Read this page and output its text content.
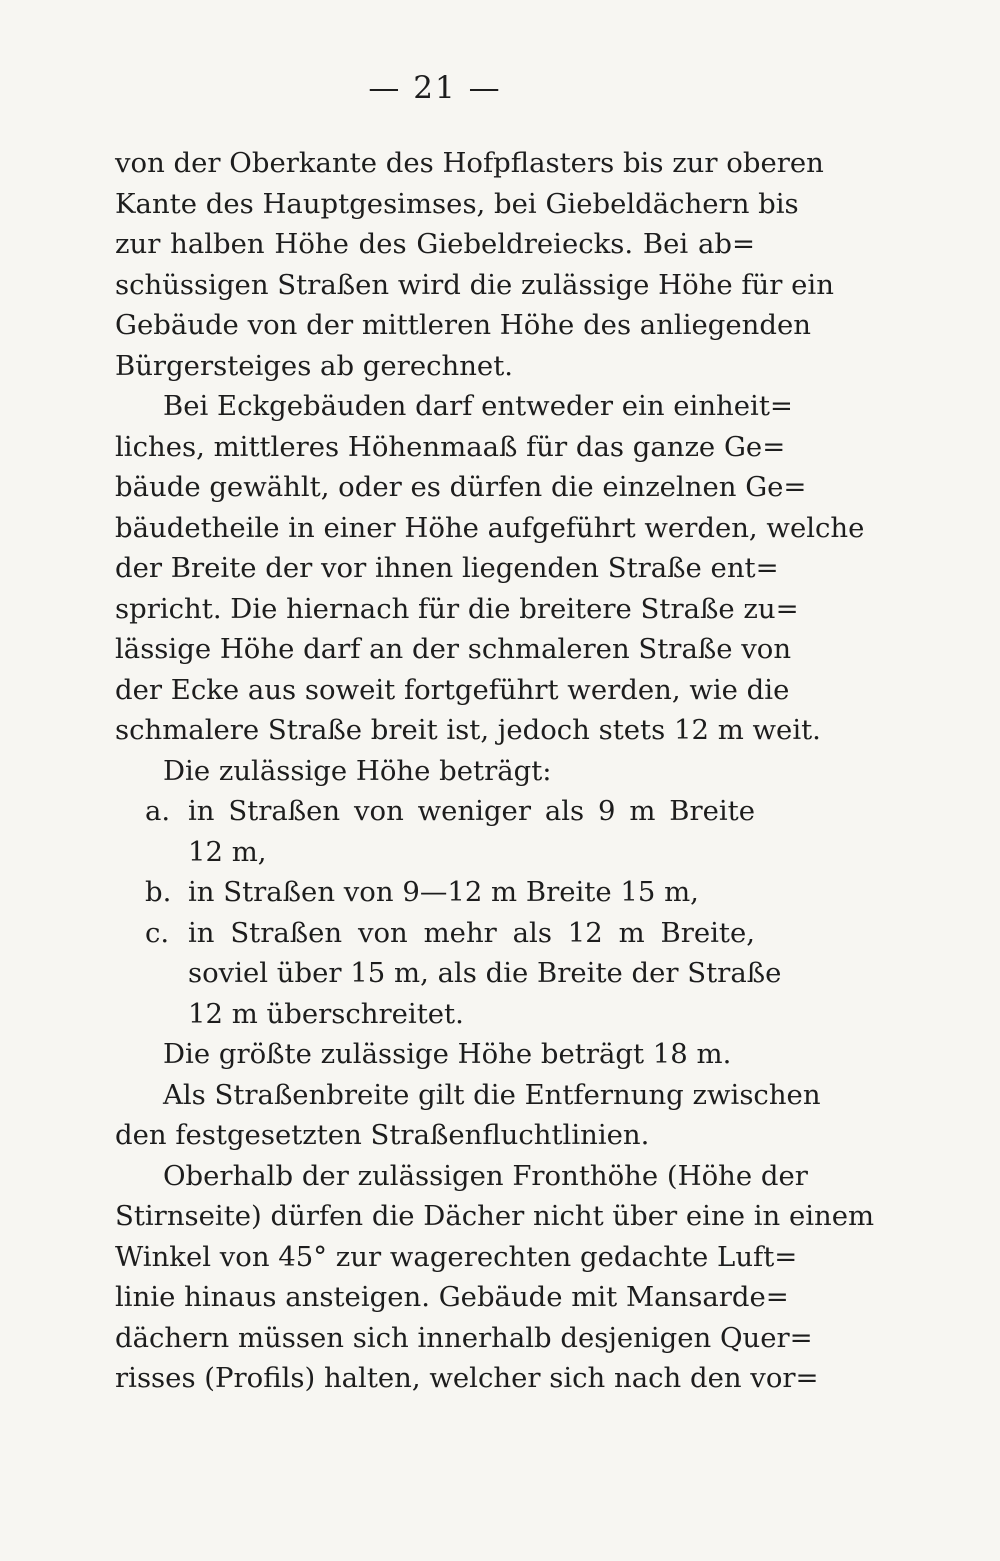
— 21 —
von der Oberkante des Hofpflasters bis zur oberen
Kante des Hauptgesimses, bei Giebeldächern bis
zur halben Höhe des Giebeldreiecks. Bei ab=
schüssigen Straßen wird die zulässige Höhe für ein
Gebäude von der mittleren Höhe des anliegenden
Bürgersteiges ab gerechnet.
Bei Eckgebäuden darf entweder ein einheit=
liches, mittleres Höhenmaaß für das ganze Ge=
bäude gewählt, oder es dürfen die einzelnen Ge=
bäudetheile in einer Höhe aufgeführt werden, welche
der Breite der vor ihnen liegenden Straße ent=
spricht. Die hiernach für die breitere Straße zu=
lässige Höhe darf an der schmaleren Straße von
der Ecke aus soweit fortgeführt werden, wie die
schmalere Straße breit ist, jedoch stets 12 m weit.
Die zulässige Höhe beträgt:
a. in Straßen von weniger als 9 m Breite
12 m,
b. in Straßen von 9—12 m Breite 15 m,
c. in Straßen von mehr als 12 m Breite,
soviel über 15 m, als die Breite der Straße
12 m überschreitet.
Die größte zulässige Höhe beträgt 18 m.
Als Straßenbreite gilt die Entfernung zwischen
den festgesetzten Straßenfluchtlinien.
Oberhalb der zulässigen Fronthöhe (Höhe der
Stirnseite) dürfen die Dächer nicht über eine in einem
Winkel von 45° zur wagerechten gedachte Luft=
linie hinaus ansteigen. Gebäude mit Mansarde=
dächern müssen sich innerhalb desjenigen Quer=
risses (Profils) halten, welcher sich nach den vor=
